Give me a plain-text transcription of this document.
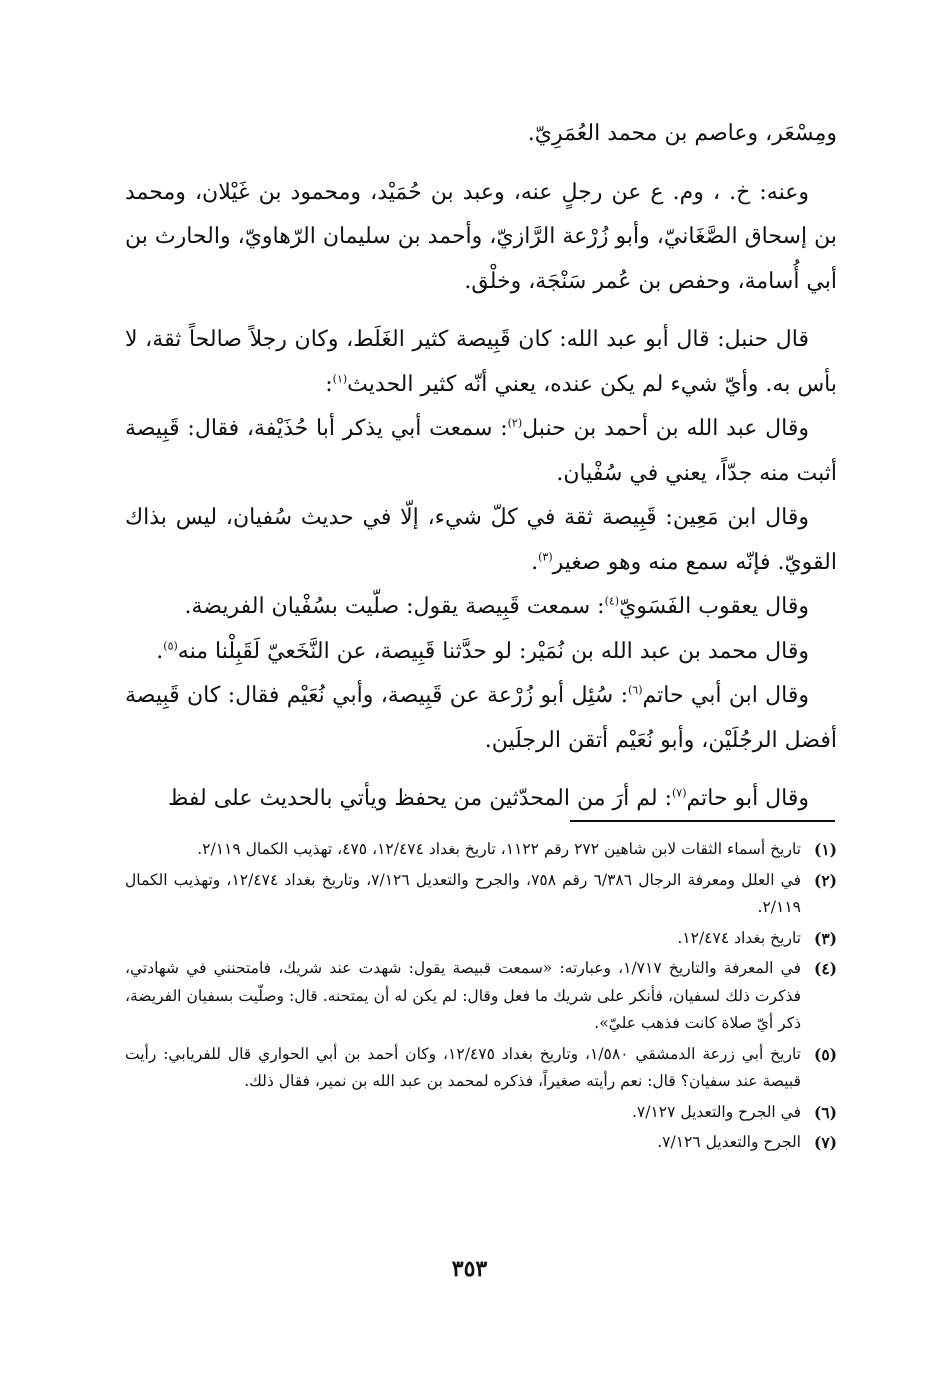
ومِسْعَر، وعاصم بن محمد العُمَرِيّ.

وعنه: خ. ، وم. ع عن رجلٍ عنه، وعبد بن حُمَيْد، ومحمود بن غَيْلان، ومحمد بن إسحاق الصَّغَانيّ، وأبو زُرْعة الرَّازيّ، وأحمد بن سليمان الرّهاويّ، والحارث بن أبي أُسامة، وحفص بن عُمر سَنْجَة، وخلْق.

قال حنبل: قال أبو عبد الله: كان قَبِيصة كثير الغَلَط، وكان رجلاً صالحاً ثقة، لا بأس به. وأيّ شيء لم يكن عنده، يعني أنّه كثير الحديث$^{(١)}$:

وقال عبد الله بن أحمد بن حنبل$^{(٢)}$: سمعت أبي يذكر أبا حُذَيْفة، فقال: قَبِيصة أثبت منه جدّاً، يعني في سُفْيان.

وقال ابن مَعِين: قَبِيصة ثقة في كلّ شيء، إلّا في حديث سُفيان، ليس بذاك القويّ. فإنّه سمع منه وهو صغير$^{(٣)}$.

وقال يعقوب الفَسَويّ$^{(٤)}$: سمعت قَبِيصة يقول: صلّيت بسُفْيان الفريضة.

وقال محمد بن عبد الله بن نُمَيْر: لو حدَّثنا قَبِيصة، عن النَّخَعيّ لَقَبِلْنا منه$^{(٥)}$.

وقال ابن أبي حاتم$^{(٦)}$: سُئِل أبو زُرْعة عن قَبِيصة، وأبي نُعَيْم فقال: كان قَبِيصة أفضل الرجُلَيْن، وأبو نُعَيْم أتقن الرجلَين.

وقال أبو حاتم$^{(٧)}$: لم أرَ من المحدّثين من يحفظ ويأتي بالحديث على لفظ

(١)
تاريخ أسماء الثقات لابن شاهين ٢٧٢ رقم ١١٢٢، تاريخ بغداد ١٢/٤٧٤، ٤٧٥، تهذيب الكمال ٢/١١٩.
(٢)
في العلل ومعرفة الرجال ٦/٣٨٦ رقم ٧٥٨، والجرح والتعديل ٧/١٢٦، وتاريخ بغداد ١٢/٤٧٤، وتهذيب الكمال ٢/١١٩.
(٣)
تاريخ بغداد ١٢/٤٧٤.
(٤)
في المعرفة والتاريخ ١/٧١٧، وعبارته: «سمعت قبيصة يقول: شهدت عند شريك، فامتحنني في شهادتي، فذكرت ذلك لسفيان، فأنكر على شريك ما فعل وقال: لم يكن له أن يمتحنه. قال: وصلّيت بسفيان الفريضة، ذكر أيّ صلاة كانت فذهب عليّ».
(٥)
تاريخ أبي زرعة الدمشقي ١/٥٨٠، وتاريخ بغداد ١٢/٤٧٥، وكان أحمد بن أبي الحواري قال للفريابي: رأيت قبيصة عند سفيان؟ قال: نعم رأيته صغيراً، فذكره لمحمد بن عبد الله بن نمير، فقال ذلك.
(٦)
في الجرح والتعديل ٧/١٢٧.
(٧)
الجرح والتعديل ٧/١٢٦.
٣٥٣
